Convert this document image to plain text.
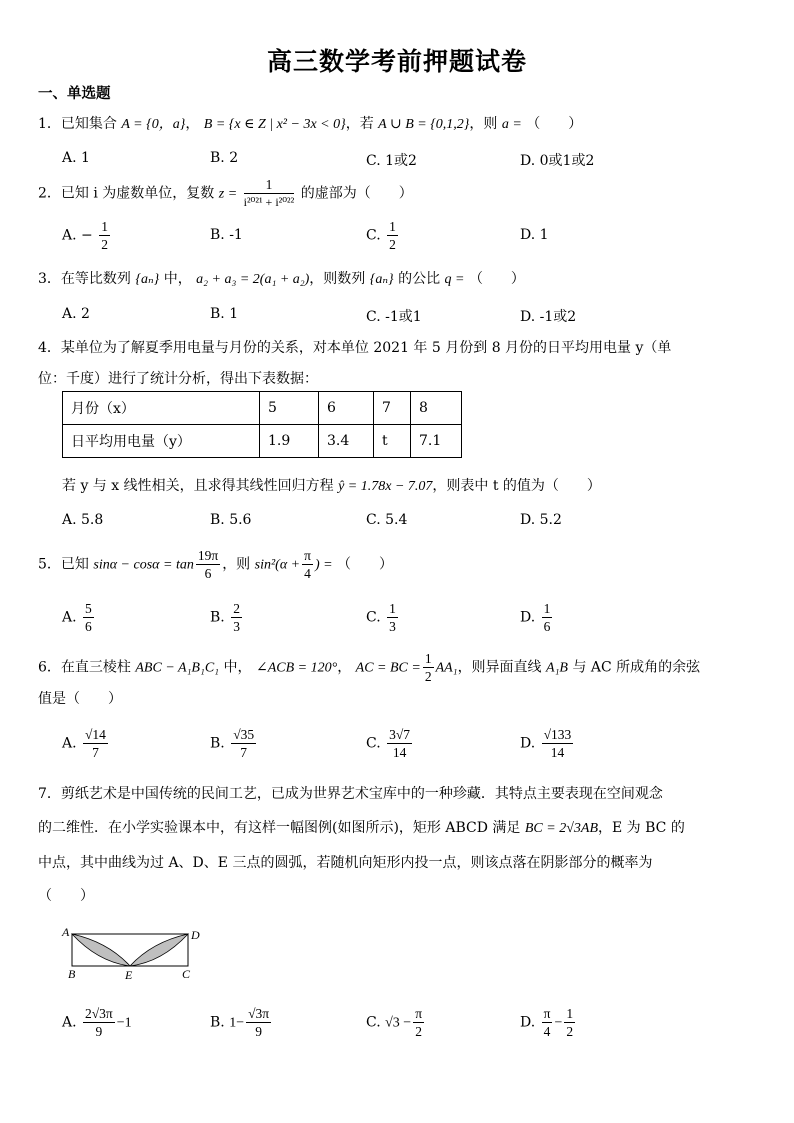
高三数学考前押题试卷
一、单选题
1．已知集合 A = {0，a}， B = {x ∈ Z | x² − 3x < 0}，若 A ∪ B = {0,1,2}，则 a = （　　）
A. 1	B. 2	C. 1或2	D. 0或1或2
2．已知 i 为虚数单位，复数 $z = \frac{1}{\text{i²⁰²¹ + i²⁰²²}}$ 的虚部为（　　）
A. − $\frac{1}{2}$	B. -1	C. $\frac{1}{2}$	D. 1
3．在等比数列 {aₙ} 中， a₂ + a₃ = 2(a₁ + a₂)，则数列 {aₙ} 的公比 q = （　　）
A. 2	B. 1	C. -1或1	D. -1或2
4．某单位为了解夏季用电量与月份的关系，对本单位 2021 年 5 月份到 8 月份的日平均用电量 y（单
位：千度）进行了统计分析，得出下表数据：
月份（x）	5	6	7	8
日平均用电量（y）	1.9	3.4	t	7.1
若 y 与 x 线性相关，且求得其线性回归方程 ŷ = 1.78x − 7.07，则表中 t 的值为（　　）
A. 5.8	B. 5.6	C. 5.4	D. 5.2
5．已知 $\sin\alpha - \cos\alpha = \tan \frac{19\pi}{6}$ ，则 $\sin^2(\alpha + \frac{\pi}{4}$ ) = （　　）
A. $\frac{5}{6}$	B. $\frac{2}{3}$	C. $\frac{1}{3}$	D. $\frac{1}{6}$
6．在直三棱柱 ABC − A₁B₁C₁ 中， ∠ACB = 120°， AC = BC = $\frac{1}{2} AA_1$，则异面直线 A₁B 与 AC 所成角的余弦
值是（　　）
A. $\frac{√14}{7}$	B. $\frac{√35}{7}$	C. $\frac{3√7}{14}$	D. $\frac{√133}{14}$
7．剪纸艺术是中国传统的民间工艺，已成为世界艺术宝库中的一种珍藏．其特点主要表现在空间观念
的二维性．在小学实验课本中，有这样一幅图例(如图所示)，矩形 ABCD 满足 BC = 2√3AB，E 为 BC 的
中点，其中曲线为过 A、D、E 三点的圆弧，若随机向矩形内投一点，则该点落在阴影部分的概率为
（　　）
A	D
B	E	C
A. $\frac{2√3\pi}{9} -1$	B. $1- \frac{√3\pi}{9}$	C. $√3 - \frac{\pi}{2}$	D. $\frac{\pi}{4} - \frac{1}{2}$
